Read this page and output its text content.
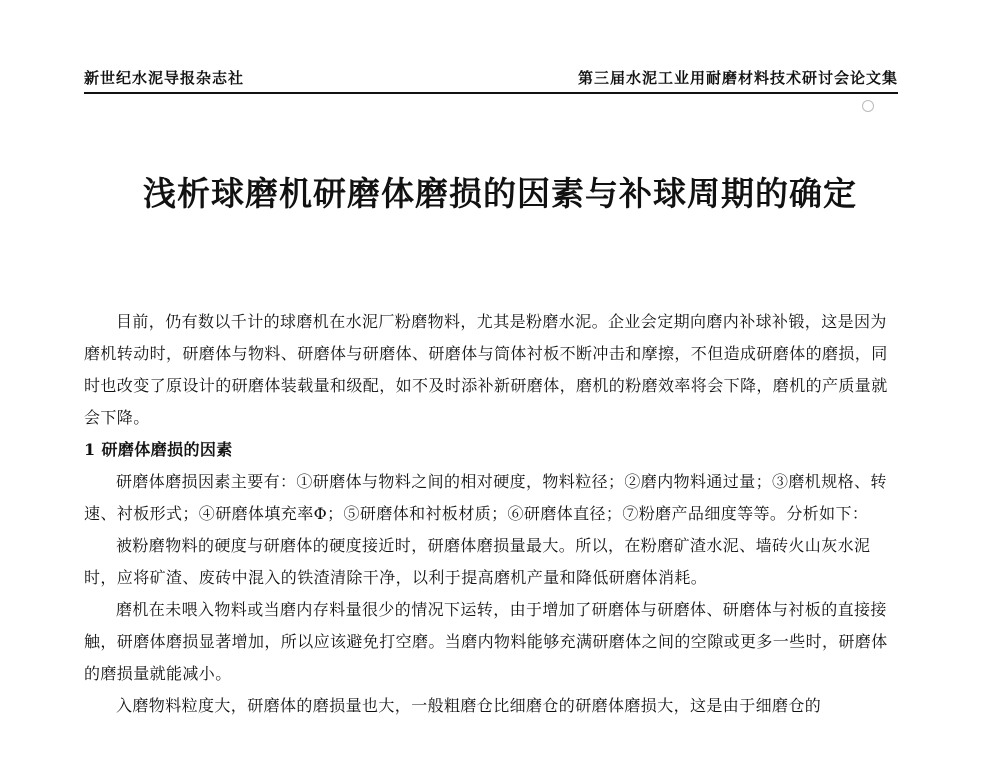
新世纪水泥导报杂志社	第三届水泥工业用耐磨材料技术研讨会论文集
浅析球磨机研磨体磨损的因素与补球周期的确定

目前，仍有数以千计的球磨机在水泥厂粉磨物料，尤其是粉磨水泥。企业会定期向磨内补球补锻，这是因为磨机转动时，研磨体与物料、研磨体与研磨体、研磨体与筒体衬板不断冲击和摩擦，不但造成研磨体的磨损，同时也改变了原设计的研磨体装载量和级配，如不及时添补新研磨体，磨机的粉磨效率将会下降，磨机的产质量就会下降。

1 研磨体磨损的因素

研磨体磨损因素主要有：①研磨体与物料之间的相对硬度，物料粒径；②磨内物料通过量；③磨机规格、转速、衬板形式；④研磨体填充率Φ；⑤研磨体和衬板材质；⑥研磨体直径；⑦粉磨产品细度等等。分析如下：

被粉磨物料的硬度与研磨体的硬度接近时，研磨体磨损量最大。所以，在粉磨矿渣水泥、墙砖火山灰水泥时，应将矿渣、废砖中混入的铁渣清除干净，以利于提高磨机产量和降低研磨体消耗。

磨机在未喂入物料或当磨内存料量很少的情况下运转，由于增加了研磨体与研磨体、研磨体与衬板的直接接触，研磨体磨损显著增加，所以应该避免打空磨。当磨内物料能够充满研磨体之间的空隙或更多一些时，研磨体的磨损量就能减小。

入磨物料粒度大，研磨体的磨损量也大，一般粗磨仓比细磨仓的研磨体磨损大，这是由于细磨仓的
